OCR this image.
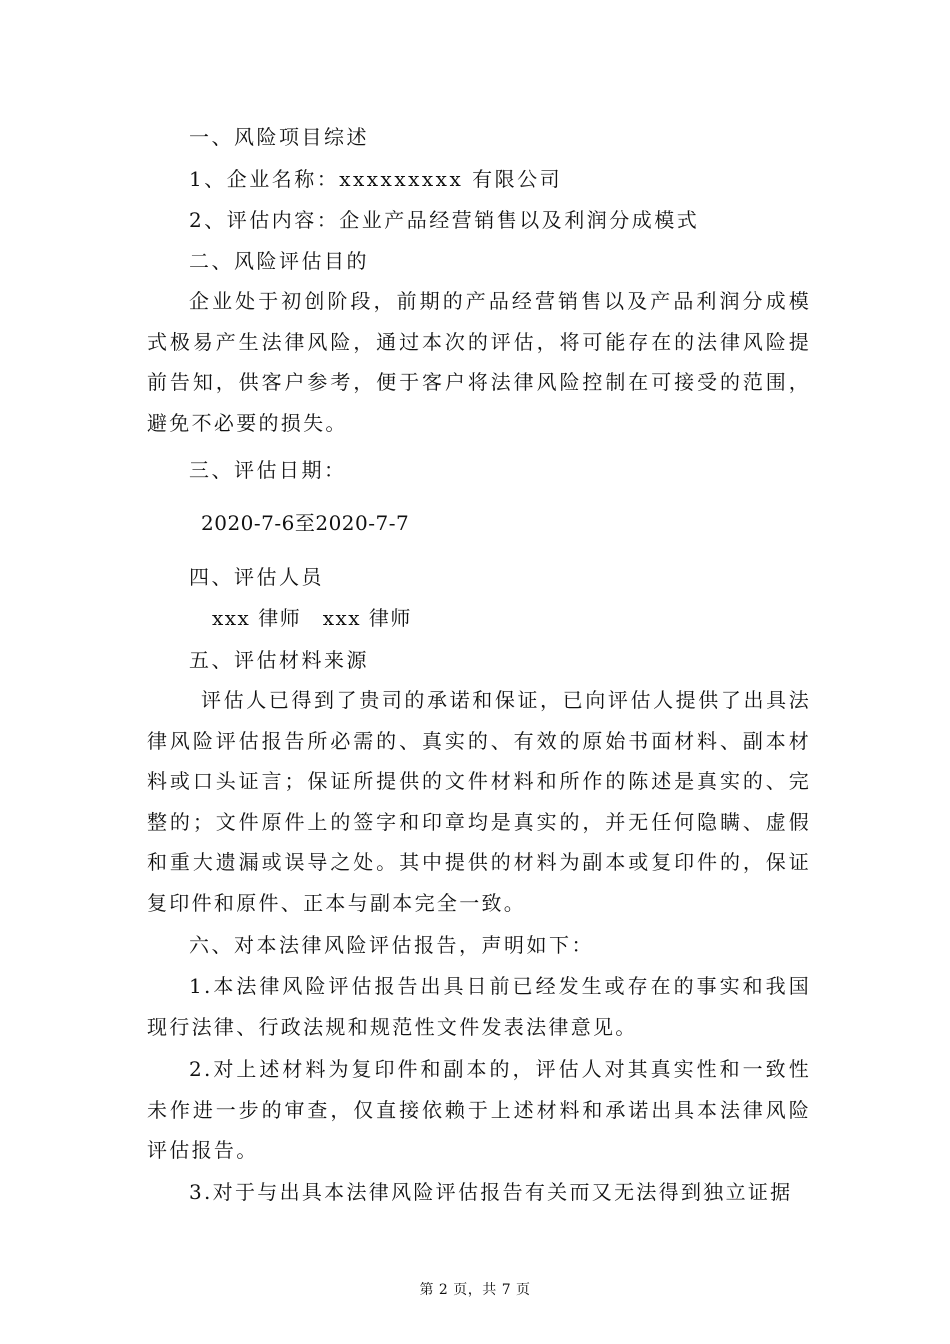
一、风险项目综述
1、企业名称：xxxxxxxxx 有限公司
2、评估内容：企业产品经营销售以及利润分成模式
二、风险评估目的
企业处于初创阶段，前期的产品经营销售以及产品利润分成模式极易产生法律风险，通过本次的评估，将可能存在的法律风险提前告知，供客户参考，便于客户将法律风险控制在可接受的范围，避免不必要的损失。
三、评估日期：
2020-7-6至2020-7-7
四、评估人员
xxx 律师　xxx 律师
五、评估材料来源
评估人已得到了贵司的承诺和保证，已向评估人提供了出具法律风险评估报告所必需的、真实的、有效的原始书面材料、副本材料或口头证言；保证所提供的文件材料和所作的陈述是真实的、完整的；文件原件上的签字和印章均是真实的，并无任何隐瞒、虚假和重大遗漏或误导之处。其中提供的材料为副本或复印件的，保证复印件和原件、正本与副本完全一致。
六、对本法律风险评估报告，声明如下：
1.本法律风险评估报告出具日前已经发生或存在的事实和我国现行法律、行政法规和规范性文件发表法律意见。
2.对上述材料为复印件和副本的，评估人对其真实性和一致性未作进一步的审查，仅直接依赖于上述材料和承诺出具本法律风险评估报告。
3.对于与出具本法律风险评估报告有关而又无法得到独立证据
第 2 页，共 7 页
